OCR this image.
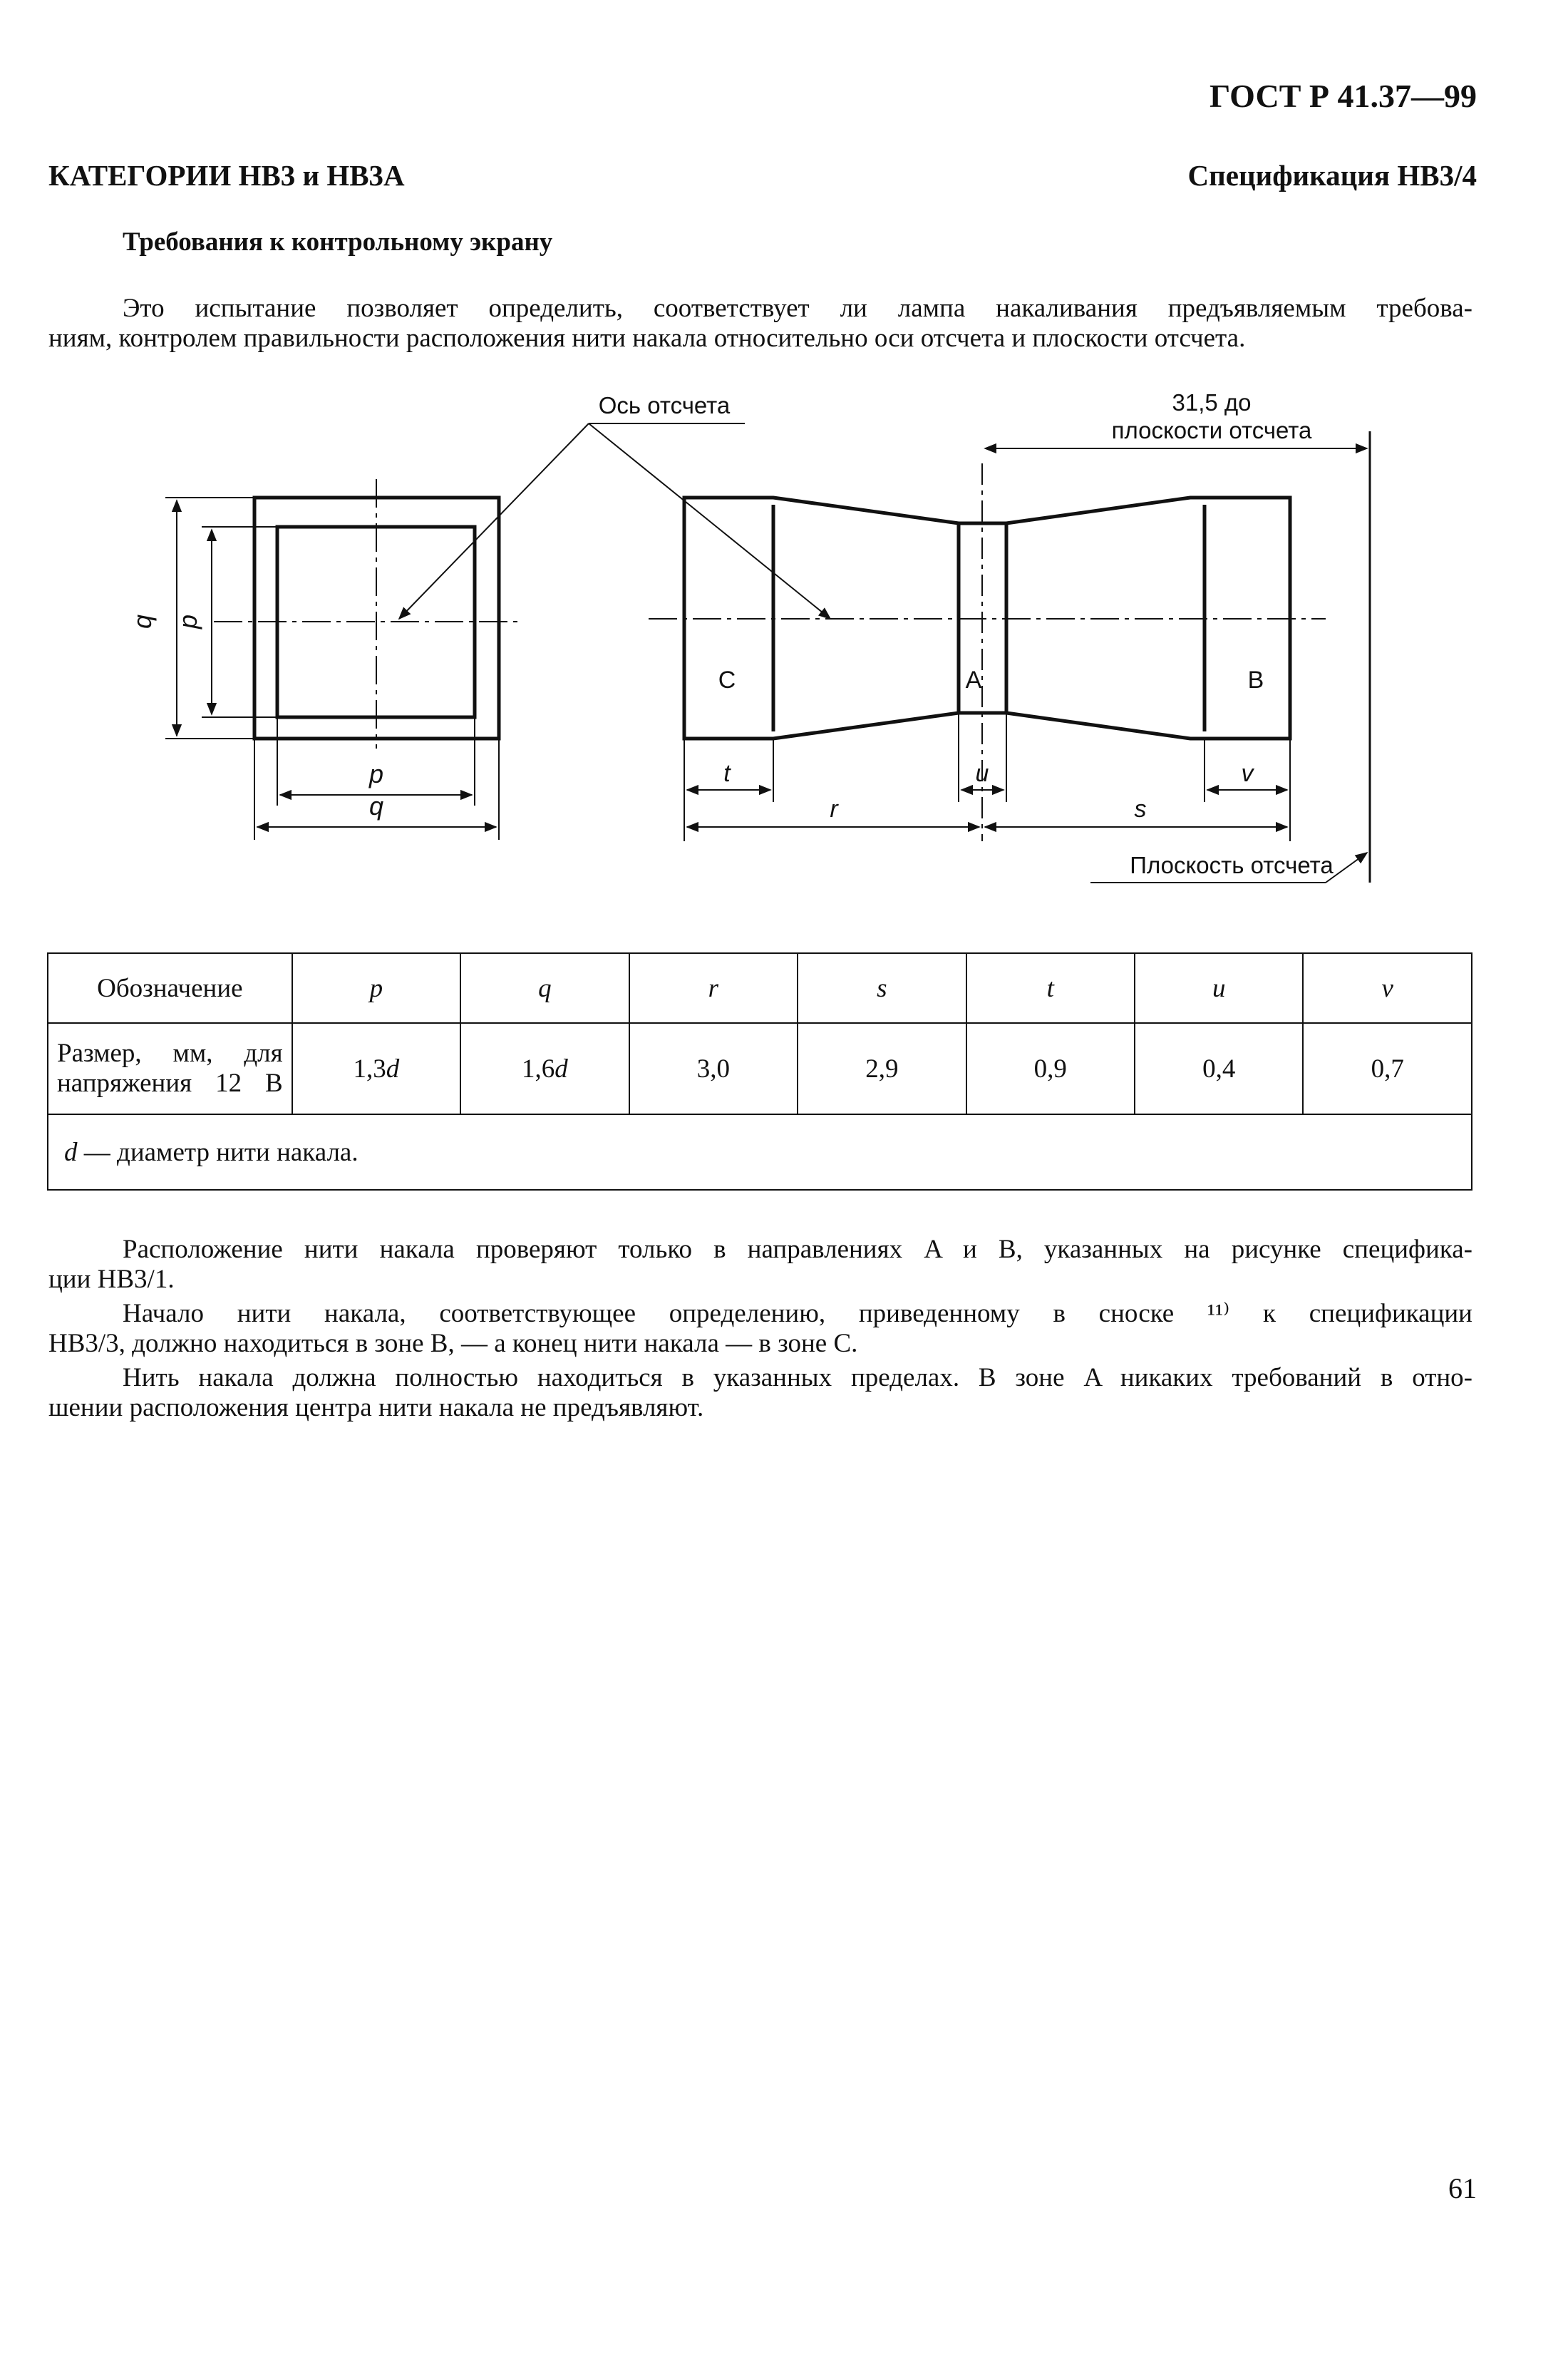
ГОСТ Р 41.37—99
КАТЕГОРИИ HB3 и HB3A	Спецификация НВ3/4
Требования к контрольному экрану
Это испытание позволяет определить, соответствует ли лампа накаливания предъявляемым требова-
ниям, контролем правильности расположения нити накала относительно оси отсчета и плоскости отсчета.
q p
p
q
Ось отсчета
C	A	B
31,5 до
плоскости отсчета
t	u	v
r	s
Плоскость отсчета
Обозначение	p	q	r	s	t	u	v

Размер, мм, для
напряжения 12 В	1,3d	1,6d	3,0	2,9	0,9	0,4	0,7
d — диаметр нити накала.							
Расположение нити накала проверяют только в направлениях A и B, указанных на рисунке специфика-
ции НВ3/1.
Начало нити накала, соответствующее определению, приведенному в сноске ¹¹⁾ к спецификации
НВ3/3, должно находиться в зоне B, — а конец нити накала — в зоне C.
Нить накала должна полностью находиться в указанных пределах. В зоне A никаких требований в отно-
шении расположения центра нити накала не предъявляют.
61
